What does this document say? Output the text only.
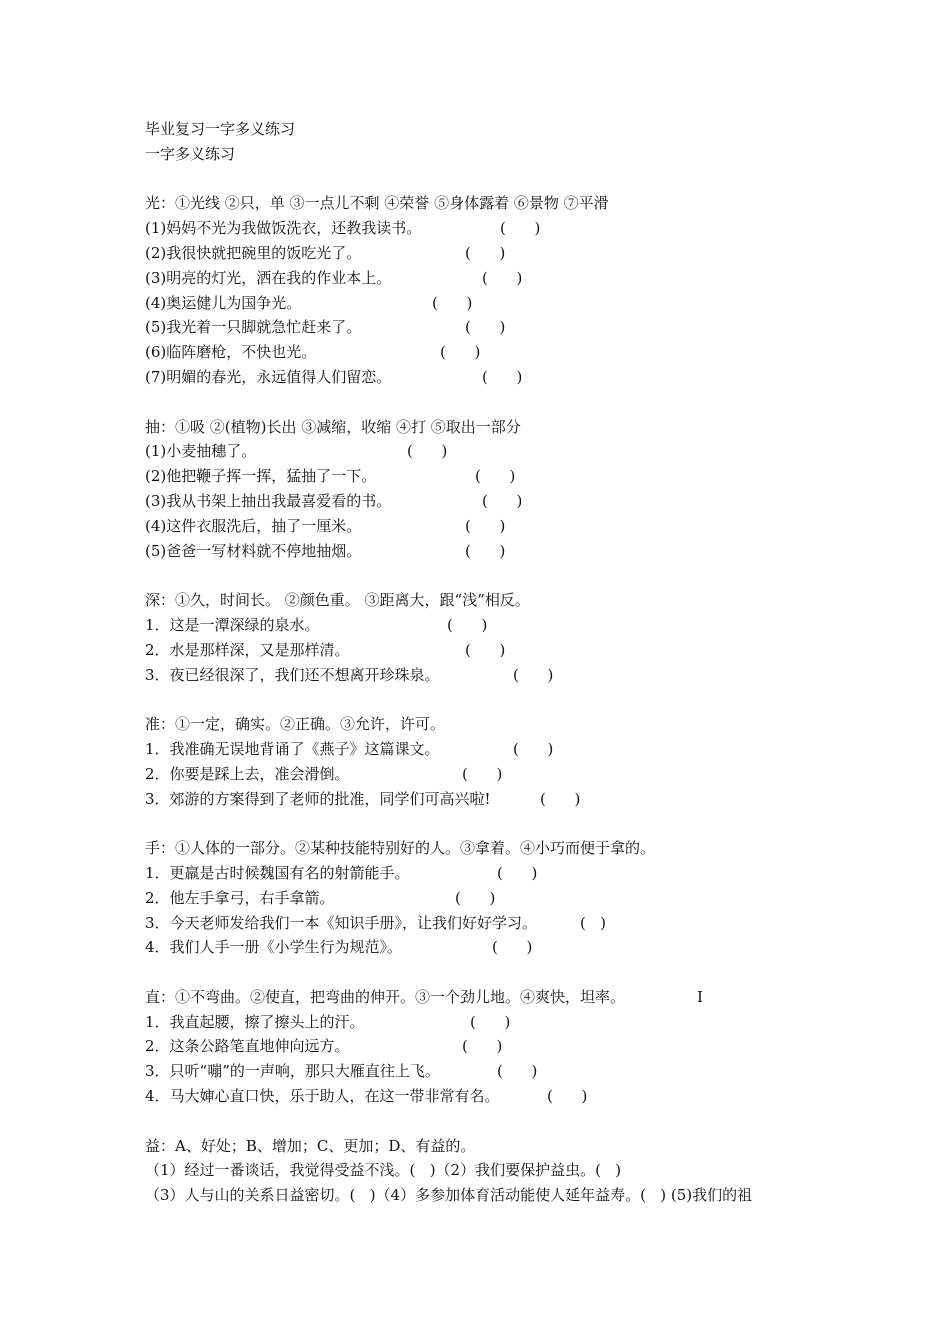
毕业复习一字多义练习
一字多义练习
光：①光线 ②只，单 ③一点儿不剩 ④荣誉 ⑤身体露着 ⑥景物 ⑦平滑
(1)妈妈不光为我做饭洗衣，还教我读书。	(      )
(2)我很快就把碗里的饭吃光了。	(      )
(3)明亮的灯光，洒在我的作业本上。	(      )
(4)奥运健儿为国争光。	(      )
(5)我光着一只脚就急忙赶来了。	(      )
(6)临阵磨枪，不快也光。	(      )
(7)明媚的春光，永远值得人们留恋。	(      )
抽：①吸 ②(植物)长出 ③减缩，收缩 ④打 ⑤取出一部分
(1)小麦抽穗了。	(      )
(2)他把鞭子挥一挥，猛抽了一下。	(      )
(3)我从书架上抽出我最喜爱看的书。	(      )
(4)这件衣服洗后，抽了一厘米。	(      )
(5)爸爸一写材料就不停地抽烟。	(      )
深：①久，时间长。 ②颜色重。 ③距离大，跟“浅”相反。
1．这是一潭深绿的泉水。	(      )
2．水是那样深，又是那样清。	(      )
3．夜已经很深了，我们还不想离开珍珠泉。	(      )
准：①一定，确实。②正确。③允许，许可。
1．我准确无误地背诵了《燕子》这篇课文。	(      )
2．你要是踩上去，准会滑倒。	(      )
3．郊游的方案得到了老师的批准，同学们可高兴啦!	(      )
手：①人体的一部分。②某种技能特别好的人。③拿着。④小巧而便于拿的。
1．更羸是古时候魏国有名的射箭能手。	(      )
2．他左手拿弓，右手拿箭。	(      )
3．今天老师发给我们一本《知识手册》，让我们好好学习。	(   )
4．我们人手一册《小学生行为规范》。	(      )
直：①不弯曲。②使直，把弯曲的伸开。③一个劲儿地。④爽快，坦率。	I
1．我直起腰，擦了擦头上的汗。	(      )
2．这条公路笔直地伸向远方。	(      )
3．只听“嘣”的一声响，那只大雁直往上飞。	(      )
4．马大婶心直口快，乐于助人，在这一带非常有名。	(      )
益：A、好处；B、增加；C、更加；D、有益的。
（1）经过一番谈话，我觉得受益不浅。(   )（2）我们要保护益虫。(   )
（3）人与山的关系日益密切。(   )（4）多参加体育活动能使人延年益寿。(   ) (5)我们的祖
